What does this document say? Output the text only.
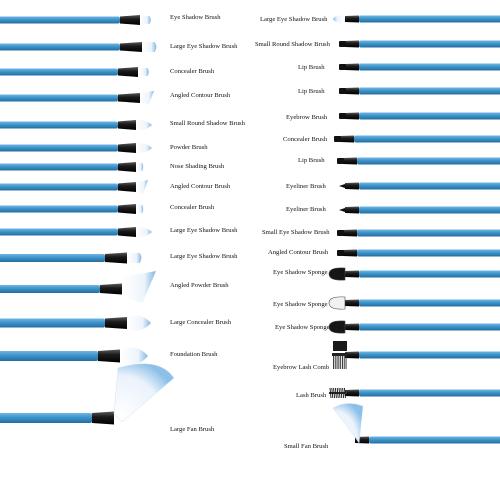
Eye Shadow Brush
Large Eye Shadow Brush
Concealer Brush
Angled Contour Brush
Small Round Shadow Brush
Powder Brush
Nose Shading Brush
Angled Contour Brush
Concealer Brush
Large Eye Shadow Brush
Large Eye Shadow Brush
Angled Powder Brush
Large Concealer Brush
Foundation Brush
Large Fan Brush
Large Eye Shadow Brush
Small Round Shadow Brush
Lip Brush
Lip Brush
Eyebrow Brush
Concealer Brush
Lip Brush
Eyeliner Brush
Eyeliner Brush
Small Eye Shadow Brush
Angled Contour Brush
Eye Shadow Sponge
Eye Shadow Sponge
Eye Shadow Sponge
Eyebrow Lash Comb
Lash Brush
Small Fan Brush
